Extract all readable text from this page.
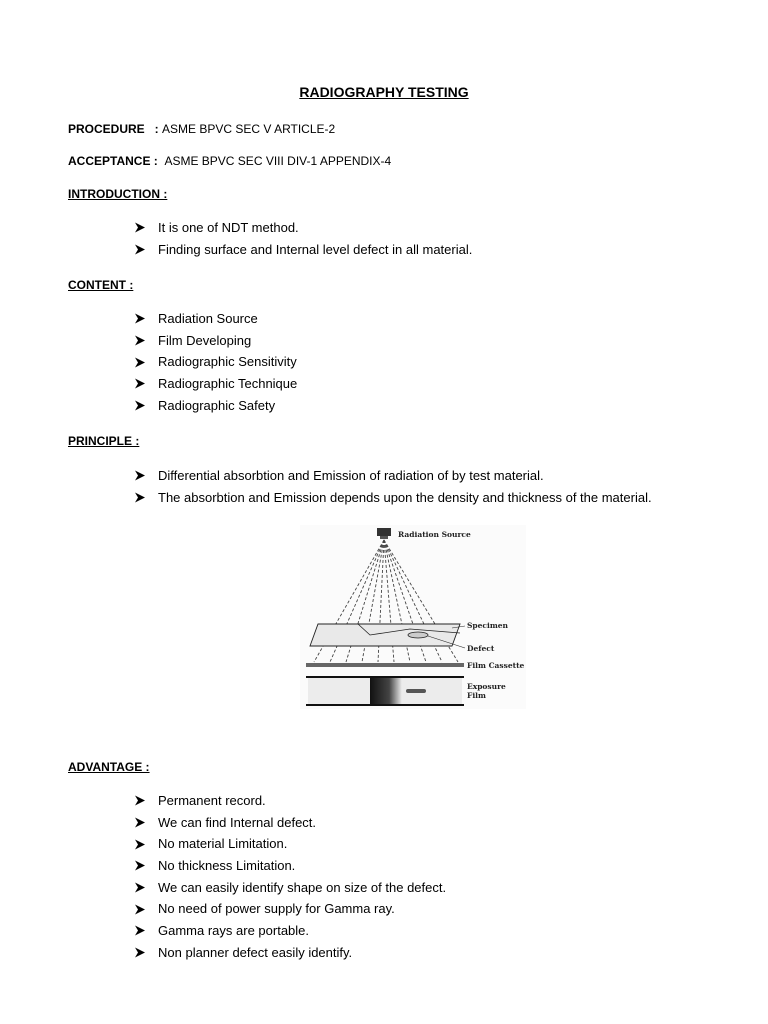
RADIOGRAPHY TESTING
PROCEDURE   : ASME BPVC SEC V ARTICLE-2
ACCEPTANCE : ASME BPVC SEC VIII DIV-1 APPENDIX-4
INTRODUCTION :
It is one of NDT method.
Finding surface and Internal level defect in all material.
CONTENT :
Radiation Source
Film Developing
Radiographic Sensitivity
Radiographic Technique
Radiographic Safety
PRINCIPLE :
Differential absorbtion and Emission of radiation of by test material.
The absorbtion and Emission depends upon the density and thickness of the material.
Radiation Source
Specimen
Defect
Film Cassette
Exposure
Film
ADVANTAGE :
Permanent record.
We can find Internal defect.
No material Limitation.
No thickness Limitation.
We can easily identify shape on size of the defect.
No need of power supply for Gamma ray.
Gamma rays are portable.
Non planner defect easily identify.
